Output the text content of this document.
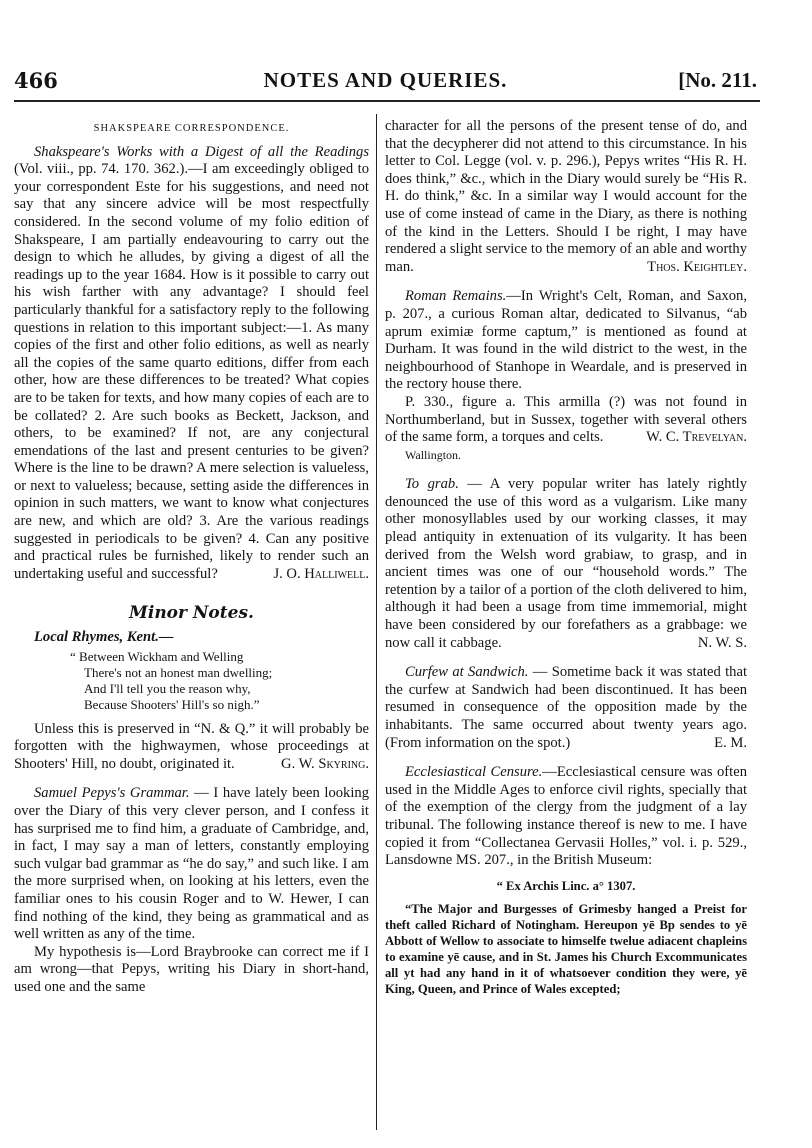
466	NOTES AND QUERIES.	[No. 211.
SHAKSPEARE CORRESPONDENCE.

Shakspeare's Works with a Digest of all the Readings (Vol. viii., pp. 74. 170. 362.).—I am exceedingly obliged to your correspondent Este for his suggestions, and need not say that any sincere advice will be most respectfully considered. In the second volume of my folio edition of Shakspeare, I am partially endeavouring to carry out the design to which he alludes, by giving a digest of all the readings up to the year 1684. How is it possible to carry out his wish farther with any advantage? I should feel particularly thankful for a satisfactory reply to the following questions in relation to this important subject:—1. As many copies of the first and other folio editions, as well as nearly all the copies of the same quarto editions, differ from each other, how are these differences to be treated? What copies are to be taken for texts, and how many copies of each are to be collated? 2. Are such books as Beckett, Jackson, and others, to be examined? If not, are any conjectural emendations of the last and present centuries to be given? Where is the line to be drawn? A mere selection is valueless, or next to valueless; because, setting aside the differences in opinion in such matters, we want to know what conjectures are new, and which are old? 3. Are the various readings suggested in periodicals to be given? 4. Can any positive and practical rules be furnished, likely to render such an undertaking useful and successful?	J. O. Halliwell.

Minor Notes.

Local Rhymes, Kent.—

“ Between Wickham and Welling
There's not an honest man dwelling;
And I'll tell you the reason why,
Because Shooters' Hill's so nigh.”

Unless this is preserved in “N. & Q.” it will probably be forgotten with the highwaymen, whose proceedings at Shooters' Hill, no doubt, originated it.	G. W. Skyring.

Samuel Pepys's Grammar. — I have lately been looking over the Diary of this very clever person, and I confess it has surprised me to find him, a graduate of Cambridge, and, in fact, I may say a man of letters, constantly employing such vulgar bad grammar as “he do say,” and such like. I am the more surprised when, on looking at his letters, even the familiar ones to his cousin Roger and to W. Hewer, I can find nothing of the kind, they being as grammatical and as well written as any of the time.

My hypothesis is—Lord Braybrooke can correct me if I am wrong—that Pepys, writing his Diary in short-hand, used one and the same

character for all the persons of the present tense of do, and that the decypherer did not attend to this circumstance. In his letter to Col. Legge (vol. v. p. 296.), Pepys writes “His R. H. does think,” &c., which in the Diary would surely be “His R. H. do think,” &c. In a similar way I would account for the use of come instead of came in the Diary, as there is nothing of the kind in the Letters. Should I be right, I may have rendered a slight service to the memory of an able and worthy man.	Thos. Keightley.

Roman Remains.—In Wright's Celt, Roman, and Saxon, p. 207., a curious Roman altar, dedicated to Silvanus, “ab aprum eximiæ forme captum,” is mentioned as found at Durham. It was found in the wild district to the west, in the neighbourhood of Stanhope in Weardale, and is preserved in the rectory house there.

P. 330., figure a. This armilla (?) was not found in Northumberland, but in Sussex, together with several others of the same form, a torques and celts.	W. C. Trevelyan.

Wallington.

To grab. — A very popular writer has lately rightly denounced the use of this word as a vulgarism. Like many other monosyllables used by our working classes, it may plead antiquity in extenuation of its vulgarity. It has been derived from the Welsh word grabiaw, to grasp, and in ancient times was one of our “household words.” The retention by a tailor of a portion of the cloth delivered to him, although it had been a usage from time immemorial, might have been considered by our forefathers as a grabbage: we now call it cabbage.	N. W. S.

Curfew at Sandwich. — Sometime back it was stated that the curfew at Sandwich had been discontinued. It has been resumed in consequence of the opposition made by the inhabitants. The same occurred about twenty years ago. (From information on the spot.)	E. M.

Ecclesiastical Censure.—Ecclesiastical censure was often used in the Middle Ages to enforce civil rights, specially that of the exemption of the clergy from the judgment of a lay tribunal. The following instance thereof is new to me. I have copied it from “Collectanea Gervasii Holles,” vol. i. p. 529., Lansdowne MS. 207., in the British Museum:

“ Ex Archis Linc. a° 1307.

“The Major and Burgesses of Grimesby hanged a Preist for theft called Richard of Notingham. Hereupon yē Bp sendes to yē Abbott of Wellow to associate to himselfe twelue adiacent chapleins to examine yē cause, and in St. James his Church Excommunicates all yt had any hand in it of whatsoever condition they were, yē King, Queen, and Prince of Wales excepted;
